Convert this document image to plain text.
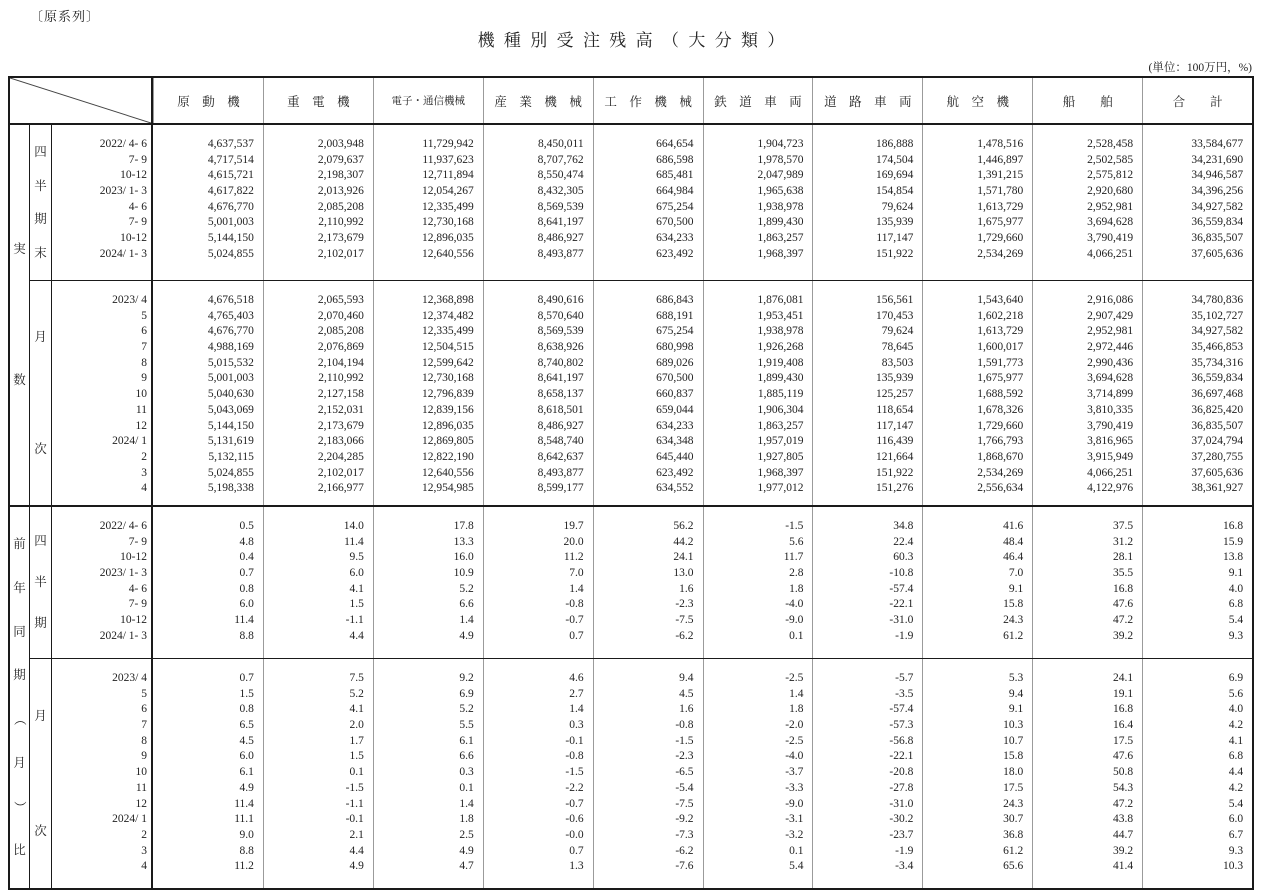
〔原系列〕
機種別受注残高（大分類）
(単位：100万円，%)
原　動　機	重　電　機	電子・通信機械	産　業　機　械	工　作　機　械	鉄　道　車　両	道　路　車　両	航　空　機	船　　舶	合　　計
実
数
四
半
期
末
2022/ 4- 6	4,637,537	2,003,948	11,729,942	8,450,011	664,654	1,904,723	186,888	1,478,516	2,528,458	33,584,677
7- 9	4,717,514	2,079,637	11,937,623	8,707,762	686,598	1,978,570	174,504	1,446,897	2,502,585	34,231,690
10-12	4,615,721	2,198,307	12,711,894	8,550,474	685,481	2,047,989	169,694	1,391,215	2,575,812	34,946,587
2023/ 1- 3	4,617,822	2,013,926	12,054,267	8,432,305	664,984	1,965,638	154,854	1,571,780	2,920,680	34,396,256
4- 6	4,676,770	2,085,208	12,335,499	8,569,539	675,254	1,938,978	79,624	1,613,729	2,952,981	34,927,582
7- 9	5,001,003	2,110,992	12,730,168	8,641,197	670,500	1,899,430	135,939	1,675,977	3,694,628	36,559,834
10-12	5,144,150	2,173,679	12,896,035	8,486,927	634,233	1,863,257	117,147	1,729,660	3,790,419	36,835,507
2024/ 1- 3	5,024,855	2,102,017	12,640,556	8,493,877	623,492	1,968,397	151,922	2,534,269	4,066,251	37,605,636
月
次
2023/ 4	4,676,518	2,065,593	12,368,898	8,490,616	686,843	1,876,081	156,561	1,543,640	2,916,086	34,780,836
5	4,765,403	2,070,460	12,374,482	8,570,640	688,191	1,953,451	170,453	1,602,218	2,907,429	35,102,727
6	4,676,770	2,085,208	12,335,499	8,569,539	675,254	1,938,978	79,624	1,613,729	2,952,981	34,927,582
7	4,988,169	2,076,869	12,504,515	8,638,926	680,998	1,926,268	78,645	1,600,017	2,972,446	35,466,853
8	5,015,532	2,104,194	12,599,642	8,740,802	689,026	1,919,408	83,503	1,591,773	2,990,436	35,734,316
9	5,001,003	2,110,992	12,730,168	8,641,197	670,500	1,899,430	135,939	1,675,977	3,694,628	36,559,834
10	5,040,630	2,127,158	12,796,839	8,658,137	660,837	1,885,119	125,257	1,688,592	3,714,899	36,697,468
11	5,043,069	2,152,031	12,839,156	8,618,501	659,044	1,906,304	118,654	1,678,326	3,810,335	36,825,420
12	5,144,150	2,173,679	12,896,035	8,486,927	634,233	1,863,257	117,147	1,729,660	3,790,419	36,835,507
2024/ 1	5,131,619	2,183,066	12,869,805	8,548,740	634,348	1,957,019	116,439	1,766,793	3,816,965	37,024,794
2	5,132,115	2,204,285	12,822,190	8,642,637	645,440	1,927,805	121,664	1,868,670	3,915,949	37,280,755
3	5,024,855	2,102,017	12,640,556	8,493,877	623,492	1,968,397	151,922	2,534,269	4,066,251	37,605,636
4	5,198,338	2,166,977	12,954,985	8,599,177	634,552	1,977,012	151,276	2,556,634	4,122,976	38,361,927
前
年
同
期
（
月
）
比
四
半
期
2022/ 4- 6	0.5	14.0	17.8	19.7	56.2	-1.5	34.8	41.6	37.5	16.8
7- 9	4.8	11.4	13.3	20.0	44.2	5.6	22.4	48.4	31.2	15.9
10-12	0.4	9.5	16.0	11.2	24.1	11.7	60.3	46.4	28.1	13.8
2023/ 1- 3	0.7	6.0	10.9	7.0	13.0	2.8	-10.8	7.0	35.5	9.1
4- 6	0.8	4.1	5.2	1.4	1.6	1.8	-57.4	9.1	16.8	4.0
7- 9	6.0	1.5	6.6	-0.8	-2.3	-4.0	-22.1	15.8	47.6	6.8
10-12	11.4	-1.1	1.4	-0.7	-7.5	-9.0	-31.0	24.3	47.2	5.4
2024/ 1- 3	8.8	4.4	4.9	0.7	-6.2	0.1	-1.9	61.2	39.2	9.3
月
次
2023/ 4	0.7	7.5	9.2	4.6	9.4	-2.5	-5.7	5.3	24.1	6.9
5	1.5	5.2	6.9	2.7	4.5	1.4	-3.5	9.4	19.1	5.6
6	0.8	4.1	5.2	1.4	1.6	1.8	-57.4	9.1	16.8	4.0
7	6.5	2.0	5.5	0.3	-0.8	-2.0	-57.3	10.3	16.4	4.2
8	4.5	1.7	6.1	-0.1	-1.5	-2.5	-56.8	10.7	17.5	4.1
9	6.0	1.5	6.6	-0.8	-2.3	-4.0	-22.1	15.8	47.6	6.8
10	6.1	0.1	0.3	-1.5	-6.5	-3.7	-20.8	18.0	50.8	4.4
11	4.9	-1.5	0.1	-2.2	-5.4	-3.3	-27.8	17.5	54.3	4.2
12	11.4	-1.1	1.4	-0.7	-7.5	-9.0	-31.0	24.3	47.2	5.4
2024/ 1	11.1	-0.1	1.8	-0.6	-9.2	-3.1	-30.2	30.7	43.8	6.0
2	9.0	2.1	2.5	-0.0	-7.3	-3.2	-23.7	36.8	44.7	6.7
3	8.8	4.4	4.9	0.7	-6.2	0.1	-1.9	61.2	39.2	9.3
4	11.2	4.9	4.7	1.3	-7.6	5.4	-3.4	65.6	41.4	10.3
